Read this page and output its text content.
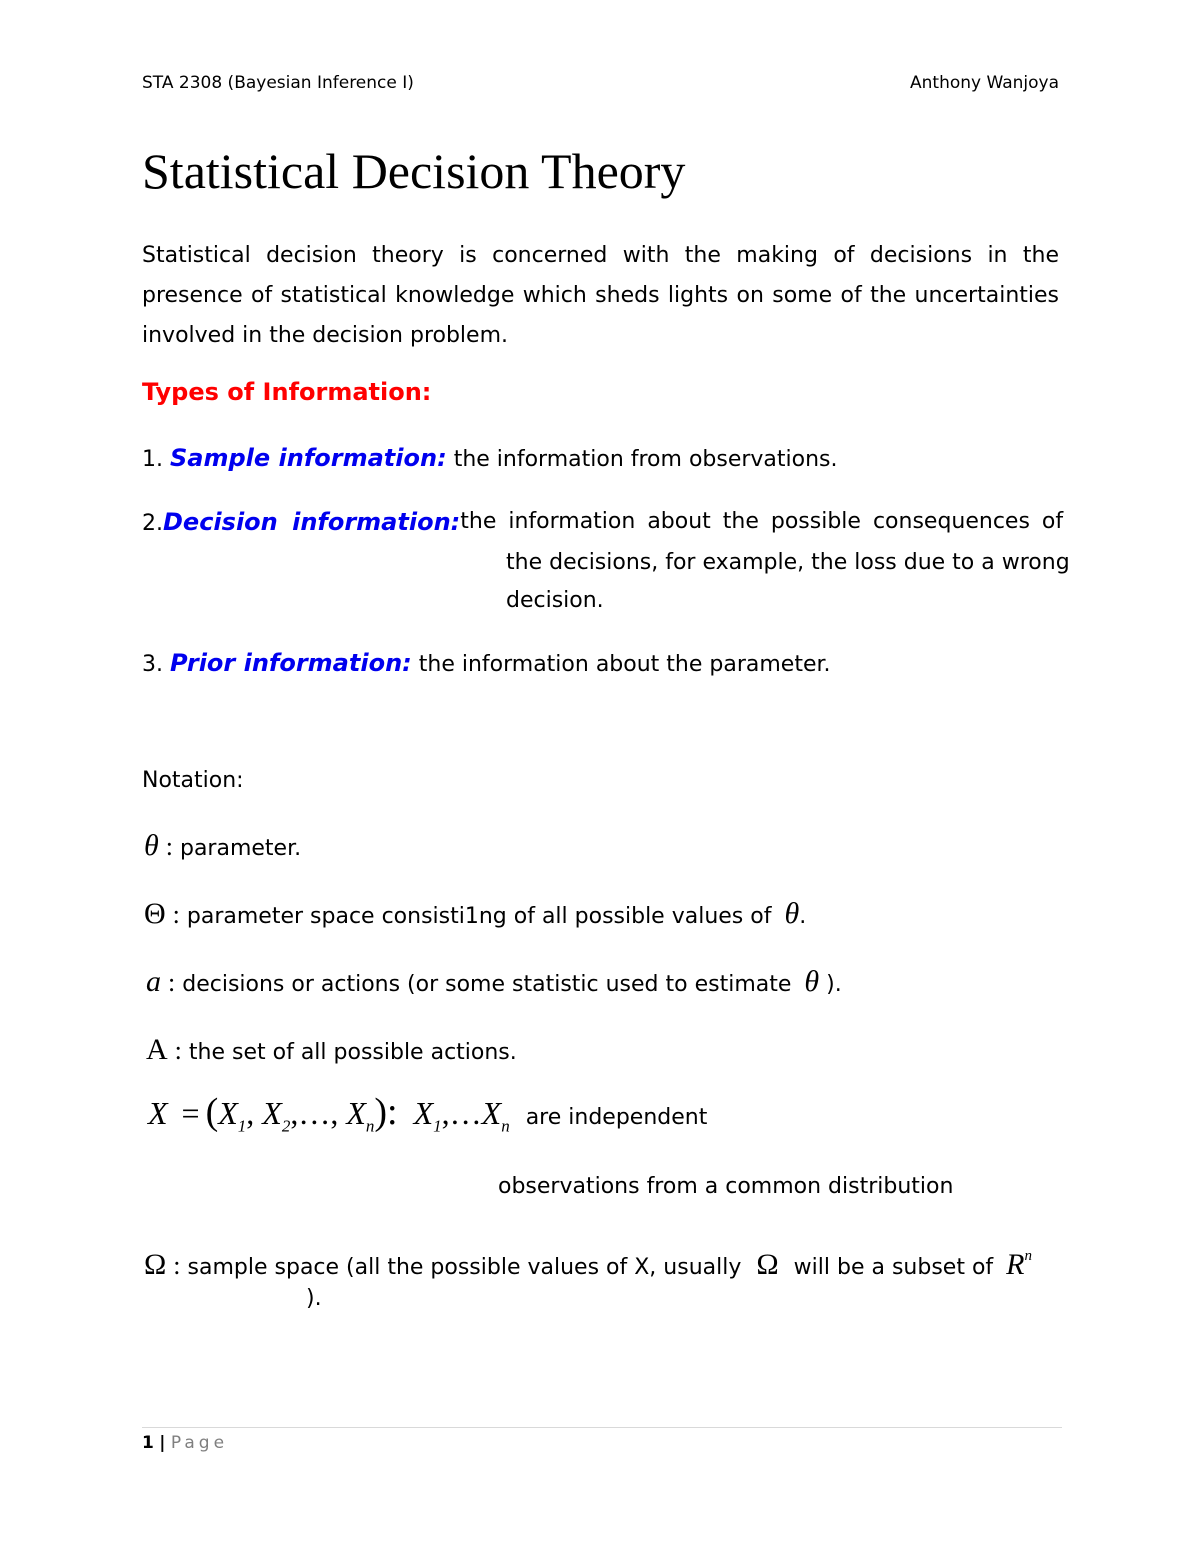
STA 2308 (Bayesian Inference I)	Anthony Wanjoya
Statistical Decision Theory
Statistical decision theory is concerned with the making of decisions in the
presence of statistical knowledge which sheds lights on some of the uncertainties
involved in the decision problem.
Types of Information:
1. Sample information: the information from observations.
2.Decision information: the information about the possible consequences of
the decisions, for example, the loss due to a wrong
decision.
3. Prior information: the information about the parameter.
Notation:
θ : parameter.
Θ : parameter space consisti1ng of all possible values of θ.
a : decisions or actions (or some statistic used to estimate θ ).
A : the set of all possible actions.
$X = (X_1$, $X_2,\dots$, $X_n$): $X_1,\dots X_n$ are independent
observations from a common distribution
Ω : sample space (all the possible values of X, usually Ω will be a subset of $R^n$
).
1 | Page
